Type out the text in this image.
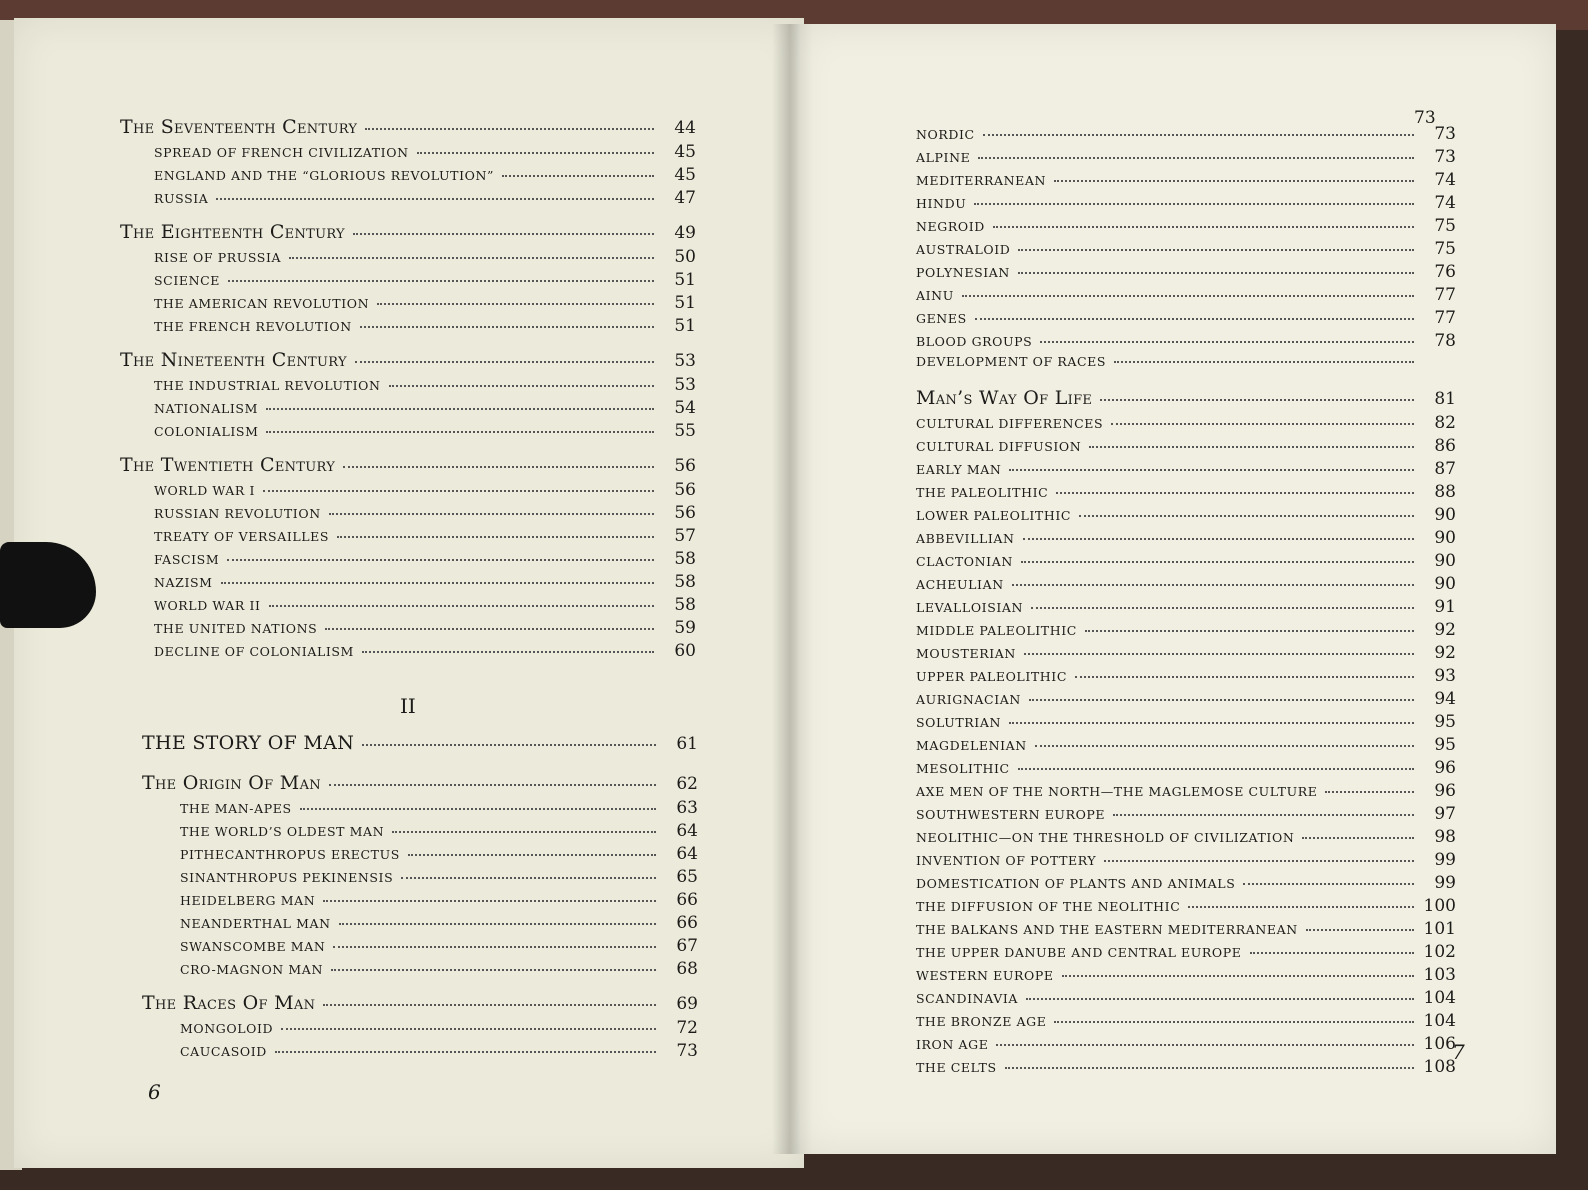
The Seventeenth Century	44
SPREAD OF FRENCH CIVILIZATION	45
ENGLAND AND THE “GLORIOUS REVOLUTION”	45
RUSSIA	47
The Eighteenth Century	49
RISE OF PRUSSIA	50
SCIENCE	51
THE AMERICAN REVOLUTION	51
THE FRENCH REVOLUTION	51
The Nineteenth Century	53
THE INDUSTRIAL REVOLUTION	53
NATIONALISM	54
COLONIALISM	55
The Twentieth Century	56
WORLD WAR I	56
RUSSIAN REVOLUTION	56
TREATY OF VERSAILLES	57
FASCISM	58
NAZISM	58
WORLD WAR II	58
THE UNITED NATIONS	59
DECLINE OF COLONIALISM	60
II
THE STORY OF MAN	61
The Origin Of Man	62
THE MAN-APES	63
THE WORLD’S OLDEST MAN	64
PITHECANTHROPUS ERECTUS	64
SINANTHROPUS PEKINENSIS	65
HEIDELBERG MAN	66
NEANDERTHAL MAN	66
SWANSCOMBE MAN	67
CRO-MAGNON MAN	68
The Races Of Man	69
MONGOLOID	72
CAUCASOID	73
6
73
NORDIC	73
ALPINE	73
MEDITERRANEAN	74
HINDU	74
NEGROID	75
AUSTRALOID	75
POLYNESIAN	76
AINU	77
GENES	77
BLOOD GROUPS	78
DEVELOPMENT OF RACES
Man’s Way Of Life	81
CULTURAL DIFFERENCES	82
CULTURAL DIFFUSION	86
EARLY MAN	87
THE PALEOLITHIC	88
LOWER PALEOLITHIC	90
ABBEVILLIAN	90
CLACTONIAN	90
ACHEULIAN	90
LEVALLOISIAN	91
MIDDLE PALEOLITHIC	92
MOUSTERIAN	92
UPPER PALEOLITHIC	93
AURIGNACIAN	94
SOLUTRIAN	95
MAGDELENIAN	95
MESOLITHIC	96
AXE MEN OF THE NORTH—THE MAGLEMOSE CULTURE	96
SOUTHWESTERN EUROPE	97
NEOLITHIC—ON THE THRESHOLD OF CIVILIZATION	98
INVENTION OF POTTERY	99
DOMESTICATION OF PLANTS AND ANIMALS	99
THE DIFFUSION OF THE NEOLITHIC	100
THE BALKANS AND THE EASTERN MEDITERRANEAN	101
THE UPPER DANUBE AND CENTRAL EUROPE	102
WESTERN EUROPE	103
SCANDINAVIA	104
THE BRONZE AGE	104
IRON AGE	106
THE CELTS	108
7
